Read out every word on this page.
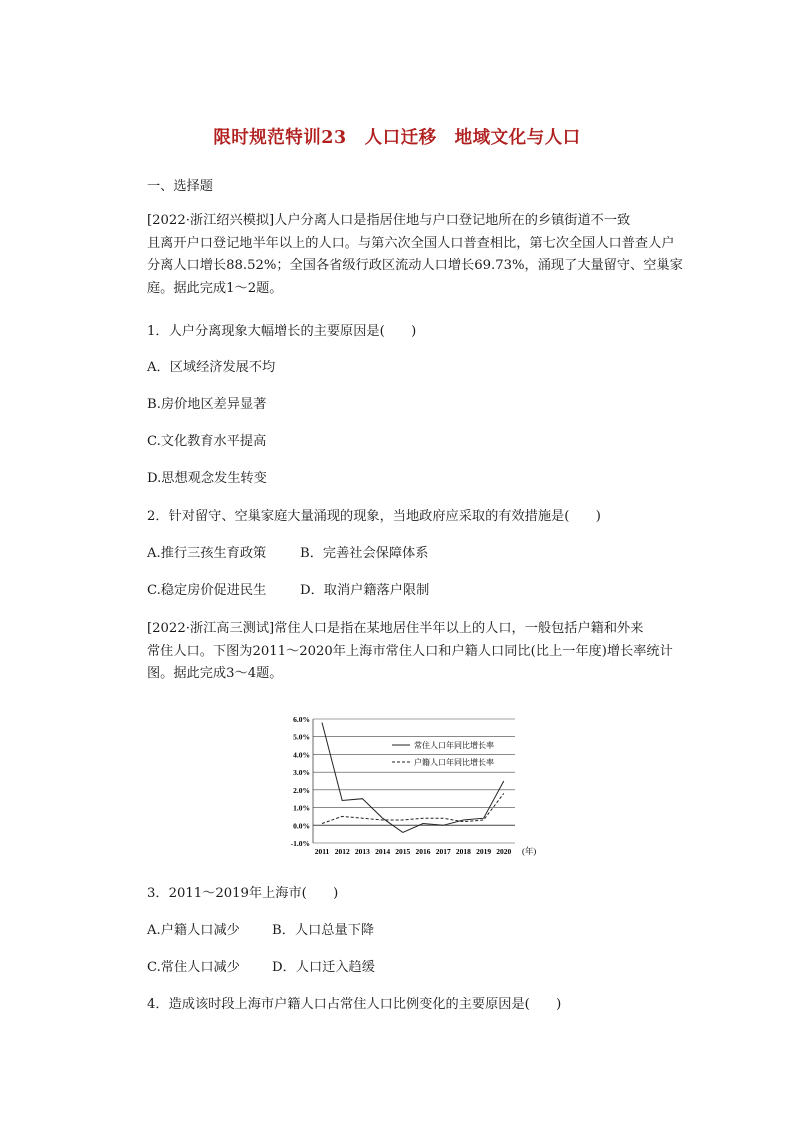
限时规范特训23　人口迁移　地域文化与人口
一、选择题
[2022·浙江绍兴模拟]人户分离人口是指居住地与户口登记地所在的乡镇街道不一致
且离开户口登记地半年以上的人口。与第六次全国人口普查相比，第七次全国人口普查人户
分离人口增长88.52%；全国各省级行政区流动人口增长69.73%，涌现了大量留守、空巢家
庭。据此完成1～2题。
1．人户分离现象大幅增长的主要原因是(　　)
A．区域经济发展不均
B.房价地区差异显著
C.文化教育水平提高
D.思想观念发生转变
2．针对留守、空巢家庭大量涌现的现象，当地政府应采取的有效措施是(　　)
A.推行三孩生育政策	B．完善社会保障体系
C.稳定房价促进民生	D．取消户籍落户限制
[2022·浙江高三测试]常住人口是指在某地居住半年以上的人口，一般包括户籍和外来
常住人口。下图为2011～2020年上海市常住人口和户籍人口同比(比上一年度)增长率统计
图。据此完成3～4题。
6.0%
5.0%
4.0%
3.0%
2.0%
1.0%
0.0%
-1.0%
2011 2012 2013 2014 2015 2016 2017 2018 2019 2020
常住人口年同比增长率
户籍人口年同比增长率
(年)
3．2011～2019年上海市(　　)
A.户籍人口减少 B．人口总量下降
C.常住人口减少 D．人口迁入趋缓
4．造成该时段上海市户籍人口占常住人口比例变化的主要原因是(　　)
